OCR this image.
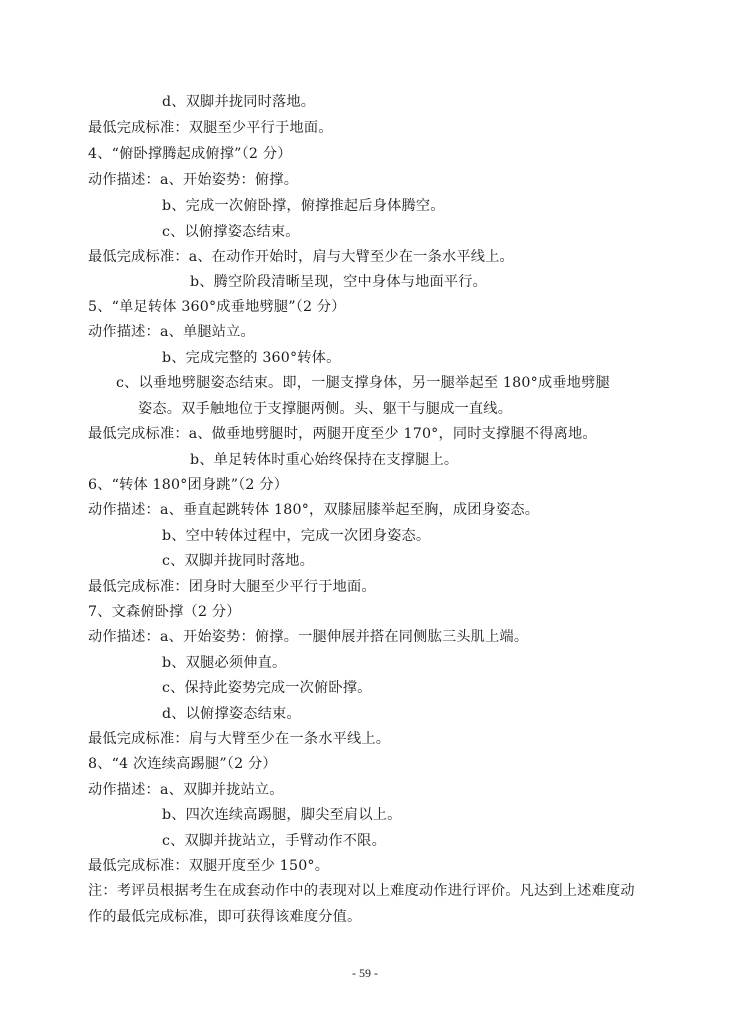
d、双脚并拢同时落地。
最低完成标准：双腿至少平行于地面。
4、“俯卧撑腾起成俯撑”（2 分）
动作描述：a、开始姿势：俯撑。
b、完成一次俯卧撑，俯撑推起后身体腾空。
c、以俯撑姿态结束。
最低完成标准：a、在动作开始时，肩与大臂至少在一条水平线上。
b、腾空阶段清晰呈现，空中身体与地面平行。
5、“单足转体 360°成垂地劈腿”（2 分）
动作描述：a、单腿站立。
b、完成完整的 360°转体。
c、以垂地劈腿姿态结束。即，一腿支撑身体，另一腿举起至 180°成垂地劈腿
姿态。双手触地位于支撑腿两侧。头、躯干与腿成一直线。
最低完成标准：a、做垂地劈腿时，两腿开度至少 170°，同时支撑腿不得离地。
b、单足转体时重心始终保持在支撑腿上。
6、“转体 180°团身跳”（2 分）
动作描述：a、垂直起跳转体 180°，双膝屈膝举起至胸，成团身姿态。
b、空中转体过程中，完成一次团身姿态。
c、双脚并拢同时落地。
最低完成标准：团身时大腿至少平行于地面。
7、文森俯卧撑（2 分）
动作描述：a、开始姿势：俯撑。一腿伸展并搭在同侧肱三头肌上端。
b、双腿必须伸直。
c、保持此姿势完成一次俯卧撑。
d、以俯撑姿态结束。
最低完成标准：肩与大臂至少在一条水平线上。
8、“4 次连续高踢腿”（2 分）
动作描述：a、双脚并拢站立。
b、四次连续高踢腿，脚尖至肩以上。
c、双脚并拢站立，手臂动作不限。
最低完成标准：双腿开度至少 150°。
注：考评员根据考生在成套动作中的表现对以上难度动作进行评价。凡达到上述难度动
作的最低完成标准，即可获得该难度分值。
- 59 -
